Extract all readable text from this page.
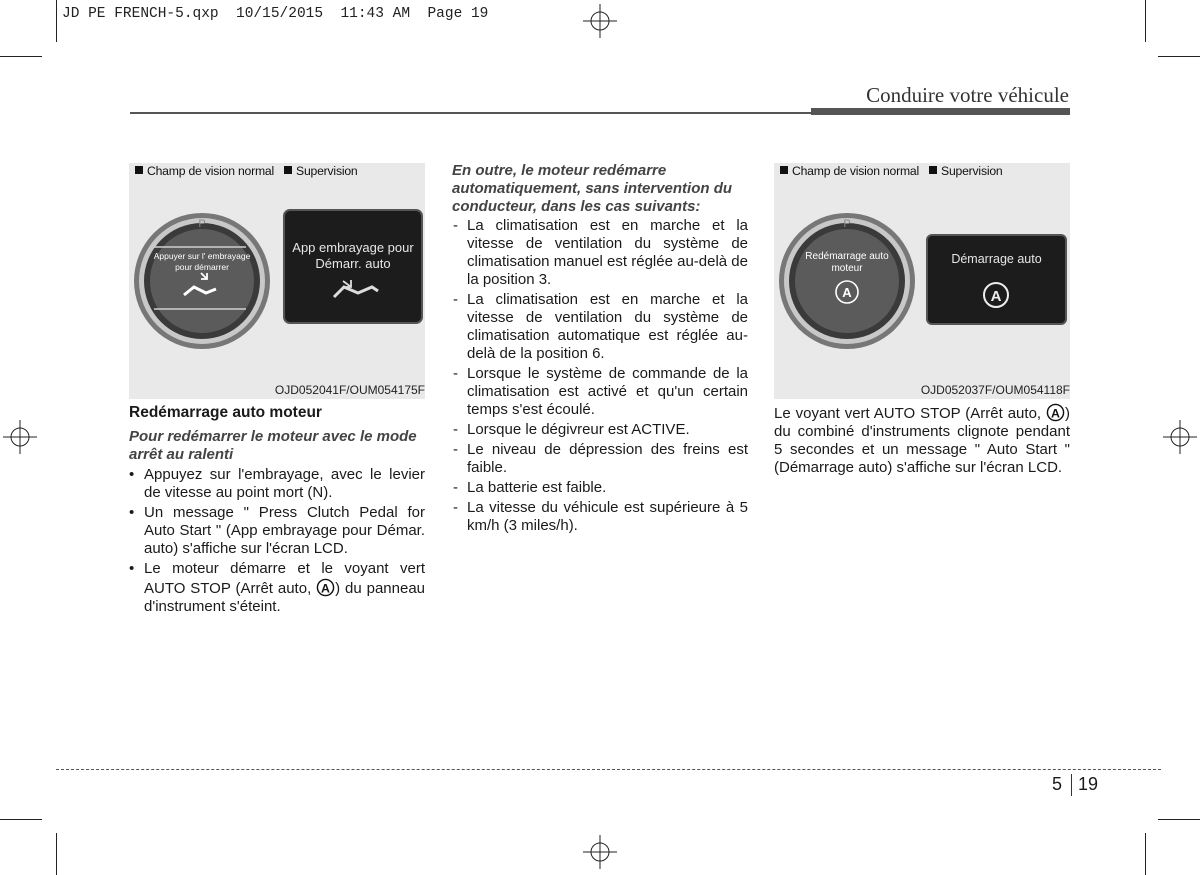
JD PE FRENCH-5.qxp  10/15/2015  11:43 AM  Page 19
Conduire votre véhicule
Champ de vision normal Supervision
P
Appuyer sur l' embrayage pour démarrer
App embrayage pour
Démarr. auto
OJD052041F/OUM054175F
Champ de vision normal Supervision
P
A	A
Redémarrage auto moteur
Démarrage auto
OJD052037F/OUM054118F
Redémarrage auto moteur
Pour redémarrer le moteur avec le mode arrêt au ralenti
• Appuyez sur l'embrayage, avec le levier de vitesse au point mort (N).
• Un message " Press Clutch Pedal for Auto Start " (App embrayage pour Démar. auto) s'affiche sur l'écran LCD.
• Le moteur démarre et le voyant vert AUTO STOP (Arrêt auto, A ) du panneau d'instrument s'éteint.
En outre, le moteur redémarre automatiquement, sans intervention du conducteur, dans les cas suivants:
- La climatisation est en marche et la vitesse de ventilation du système de climatisation manuel est réglée au-delà de la position 3.
- La climatisation est en marche et la vitesse de ventilation du système de climatisation automatique est réglée au-delà de la position 6.
- Lorsque le système de commande de la climatisation est activé et qu'un certain temps s'est écoulé.
- Lorsque le dégivreur est ACTIVE.
- Le niveau de dépression des freins est faible.
- La batterie est faible.
- La vitesse du véhicule est supérieure à 5 km/h (3 miles/h).
Le voyant vert AUTO STOP (Arrêt auto, A ) du combiné d'instruments clignote pendant 5 secondes et un message " Auto Start " (Démarrage auto) s'affiche sur l'écran LCD.
5 19
